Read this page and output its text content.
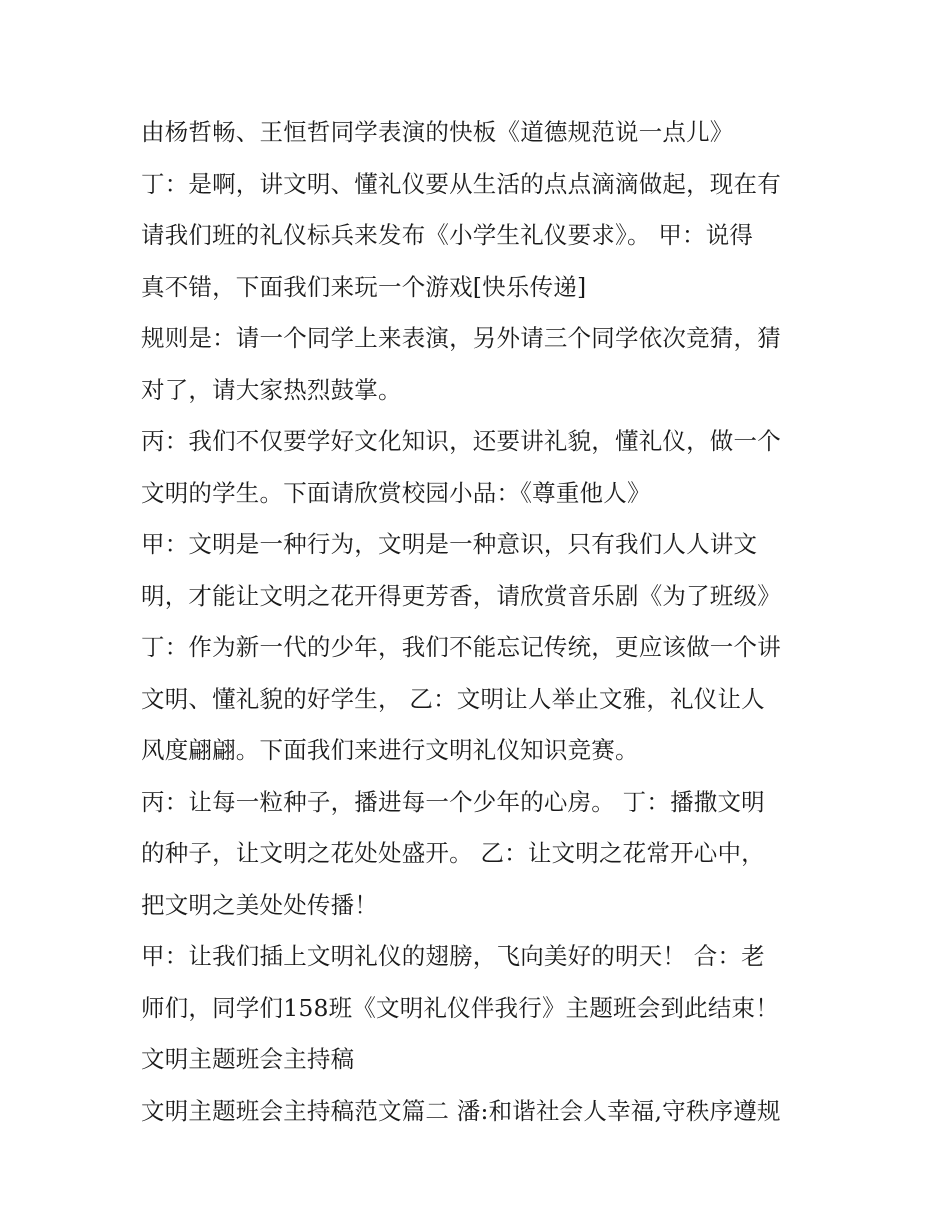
由杨哲畅、王恒哲同学表演的快板《道德规范说一点儿》
丁：是啊，讲文明、懂礼仪要从生活的点点滴滴做起，现在有
请我们班的礼仪标兵来发布《小学生礼仪要求》。 甲：说得
真不错，下面我们来玩一个游戏[快乐传递]
规则是：请一个同学上来表演，另外请三个同学依次竞猜，猜
对了，请大家热烈鼓掌。
丙：我们不仅要学好文化知识，还要讲礼貌，懂礼仪，做一个
文明的学生。下面请欣赏校园小品：《尊重他人》
甲：文明是一种行为，文明是一种意识，只有我们人人讲文
明，才能让文明之花开得更芳香，请欣赏音乐剧《为了班级》
丁：作为新一代的少年，我们不能忘记传统，更应该做一个讲
文明、懂礼貌的好学生， 乙：文明让人举止文雅，礼仪让人
风度翩翩。下面我们来进行文明礼仪知识竞赛。
丙：让每一粒种子，播进每一个少年的心房。 丁：播撒文明
的种子，让文明之花处处盛开。 乙：让文明之花常开心中，
把文明之美处处传播！
甲：让我们插上文明礼仪的翅膀，飞向美好的明天！ 合：老
师们，同学们158班《文明礼仪伴我行》主题班会到此结束！
文明主题班会主持稿
文明主题班会主持稿范文篇二 潘:和谐社会人幸福,守秩序遵规
